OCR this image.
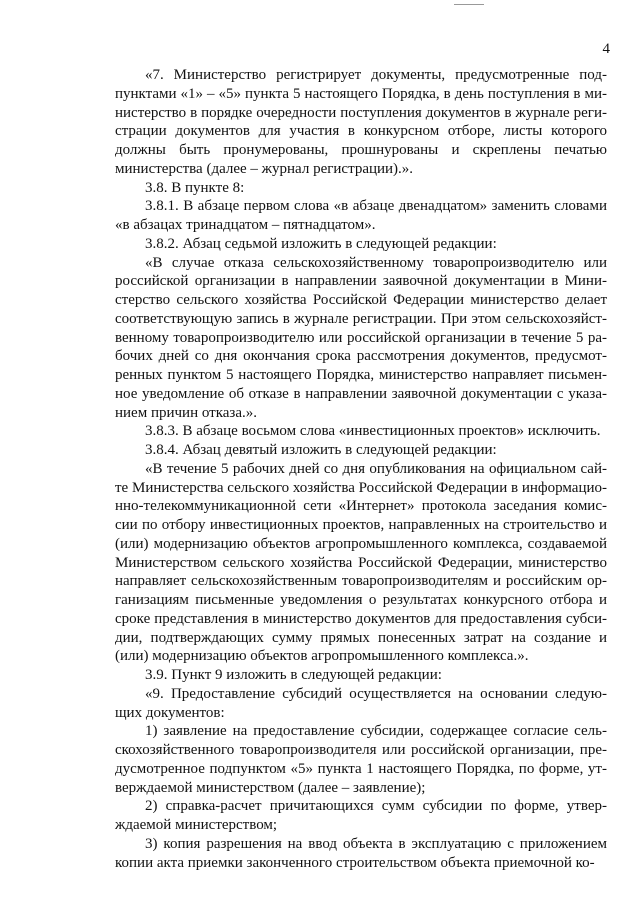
4

«7. Министерство регистрирует документы, предусмотренные подпунктами «1» – «5» пункта 5 настоящего Порядка, в день поступления в министерство в порядке очередности поступления документов в журнале регистрации документов для участия в конкурсном отборе, листы которого должны быть пронумерованы, прошнурованы и скреплены печатью министерства (далее – журнал регистрации).».

3.8. В пункте 8:

3.8.1. В абзаце первом слова «в абзаце двенадцатом» заменить словами «в абзацах тринадцатом – пятнадцатом».

3.8.2. Абзац седьмой изложить в следующей редакции:

«В случае отказа сельскохозяйственному товаропроизводителю или российской организации в направлении заявочной документации в Министерство сельского хозяйства Российской Федерации министерство делает соответствующую запись в журнале регистрации. При этом сельскохозяйственному товаропроизводителю или российской организации в течение 5 рабочих дней со дня окончания срока рассмотрения документов, предусмотренных пунктом 5 настоящего Порядка, министерство направляет письменное уведомление об отказе в направлении заявочной документации с указанием причин отказа.».

3.8.3. В абзаце восьмом слова «инвестиционных проектов» исключить.

3.8.4. Абзац девятый изложить в следующей редакции:

«В течение 5 рабочих дней со дня опубликования на официальном сайте Министерства сельского хозяйства Российской Федерации в информационно-телекоммуникационной сети «Интернет» протокола заседания комиссии по отбору инвестиционных проектов, направленных на строительство и (или) модернизацию объектов агропромышленного комплекса, создаваемой Министерством сельского хозяйства Российской Федерации, министерство направляет сельскохозяйственным товаропроизводителям и российским организациям письменные уведомления о результатах конкурсного отбора и сроке представления в министерство документов для предоставления субсидии, подтверждающих сумму прямых понесенных затрат на создание и (или) модернизацию объектов агропромышленного комплекса.».

3.9. Пункт 9 изложить в следующей редакции:

«9. Предоставление субсидий осуществляется на основании следующих документов:

1) заявление на предоставление субсидии, содержащее согласие сельскохозяйственного товаропроизводителя или российской организации, предусмотренное подпунктом «5» пункта 1 настоящего Порядка, по форме, утверждаемой министерством (далее – заявление);

2) справка-расчет причитающихся сумм субсидии по форме, утверждаемой министерством;

3) копия разрешения на ввод объекта в эксплуатацию с приложением копии акта приемки законченного строительством объекта приемочной ко-
